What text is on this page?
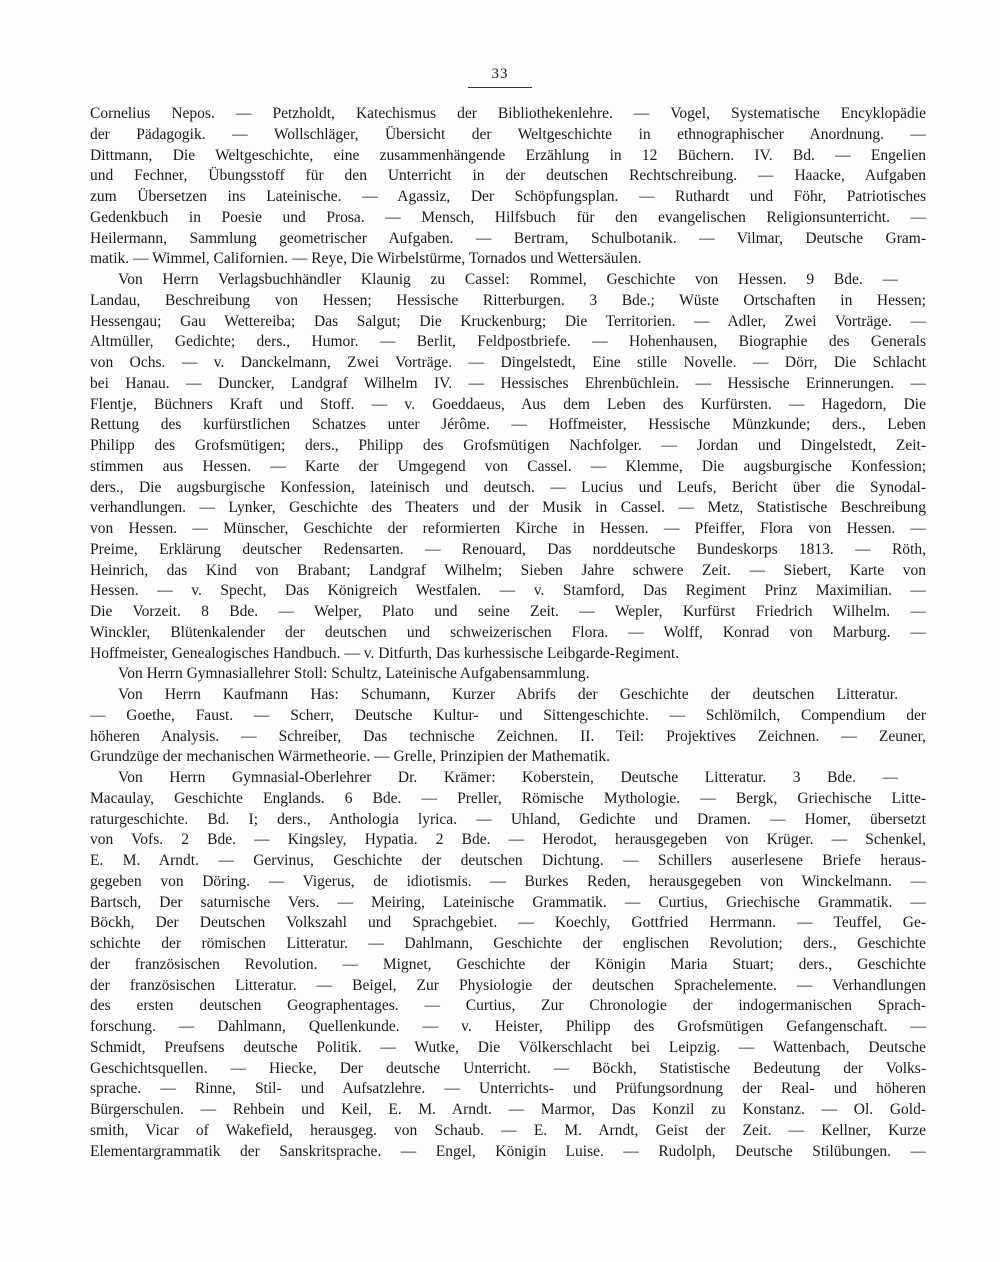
33
Cornelius Nepos. — Petzholdt, Katechismus der Bibliothekenlehre. — Vogel, Systematische Encyklopädie
der Pädagogik. — Wollschläger, Übersicht der Weltgeschichte in ethnographischer Anordnung. —
Dittmann, Die Weltgeschichte, eine zusammenhängende Erzählung in 12 Büchern. IV. Bd. — Engelien
und Fechner, Übungsstoff für den Unterricht in der deutschen Rechtschreibung. — Haacke, Aufgaben
zum Übersetzen ins Lateinische. — Agassiz, Der Schöpfungsplan. — Ruthardt und Föhr, Patriotisches
Gedenkbuch in Poesie und Prosa. — Mensch, Hilfsbuch für den evangelischen Religionsunterricht. —
Heilermann, Sammlung geometrischer Aufgaben. — Bertram, Schulbotanik. — Vilmar, Deutsche Gram-
matik. — Wimmel, Californien. — Reye, Die Wirbelstürme, Tornados und Wettersäulen.
Von Herrn Verlagsbuchhändler Klaunig zu Cassel: Rommel, Geschichte von Hessen. 9 Bde. —
Landau, Beschreibung von Hessen; Hessische Ritterburgen. 3 Bde.; Wüste Ortschaften in Hessen;
Hessengau; Gau Wettereiba; Das Salgut; Die Kruckenburg; Die Territorien. — Adler, Zwei Vorträge. —
Altmüller, Gedichte; ders., Humor. — Berlit, Feldpostbriefe. — Hohenhausen, Biographie des Generals
von Ochs. — v. Danckelmann, Zwei Vorträge. — Dingelstedt, Eine stille Novelle. — Dörr, Die Schlacht
bei Hanau. — Duncker, Landgraf Wilhelm IV. — Hessisches Ehrenbüchlein. — Hessische Erinnerungen. —
Flentje, Büchners Kraft und Stoff. — v. Goeddaeus, Aus dem Leben des Kurfürsten. — Hagedorn, Die
Rettung des kurfürstlichen Schatzes unter Jérôme. — Hoffmeister, Hessische Münzkunde; ders., Leben
Philipp des Grofsmütigen; ders., Philipp des Grofsmütigen Nachfolger. — Jordan und Dingelstedt, Zeit-
stimmen aus Hessen. — Karte der Umgegend von Cassel. — Klemme, Die augsburgische Konfession;
ders., Die augsburgische Konfession, lateinisch und deutsch. — Lucius und Leufs, Bericht über die Synodal-
verhandlungen. — Lynker, Geschichte des Theaters und der Musik in Cassel. — Metz, Statistische Beschreibung
von Hessen. — Münscher, Geschichte der reformierten Kirche in Hessen. — Pfeiffer, Flora von Hessen. —
Preime, Erklärung deutscher Redensarten. — Renouard, Das norddeutsche Bundeskorps 1813. — Röth,
Heinrich, das Kind von Brabant; Landgraf Wilhelm; Sieben Jahre schwere Zeit. — Siebert, Karte von
Hessen. — v. Specht, Das Königreich Westfalen. — v. Stamford, Das Regiment Prinz Maximilian. —
Die Vorzeit. 8 Bde. — Welper, Plato und seine Zeit. — Wepler, Kurfürst Friedrich Wilhelm. —
Winckler, Blütenkalender der deutschen und schweizerischen Flora. — Wolff, Konrad von Marburg. —
Hoffmeister, Genealogisches Handbuch. — v. Ditfurth, Das kurhessische Leibgarde-Regiment.
Von Herrn Gymnasiallehrer Stoll: Schultz, Lateinische Aufgabensammlung.
Von Herrn Kaufmann Has: Schumann, Kurzer Abrifs der Geschichte der deutschen Litteratur.
— Goethe, Faust. — Scherr, Deutsche Kultur- und Sittengeschichte. — Schlömilch, Compendium der
höheren Analysis. — Schreiber, Das technische Zeichnen. II. Teil: Projektives Zeichnen. — Zeuner,
Grundzüge der mechanischen Wärmetheorie. — Grelle, Prinzipien der Mathematik.
Von Herrn Gymnasial-Oberlehrer Dr. Krämer: Koberstein, Deutsche Litteratur. 3 Bde. —
Macaulay, Geschichte Englands. 6 Bde. — Preller, Römische Mythologie. — Bergk, Griechische Litte-
raturgeschichte. Bd. I; ders., Anthologia lyrica. — Uhland, Gedichte und Dramen. — Homer, übersetzt
von Vofs. 2 Bde. — Kingsley, Hypatia. 2 Bde. — Herodot, herausgegeben von Krüger. — Schenkel,
E. M. Arndt. — Gervinus, Geschichte der deutschen Dichtung. — Schillers auserlesene Briefe heraus-
gegeben von Döring. — Vigerus, de idiotismis. — Burkes Reden, herausgegeben von Winckelmann. —
Bartsch, Der saturnische Vers. — Meiring, Lateinische Grammatik. — Curtius, Griechische Grammatik. —
Böckh, Der Deutschen Volkszahl und Sprachgebiet. — Koechly, Gottfried Herrmann. — Teuffel, Ge-
schichte der römischen Litteratur. — Dahlmann, Geschichte der englischen Revolution; ders., Geschichte
der französischen Revolution. — Mignet, Geschichte der Königin Maria Stuart; ders., Geschichte
der französischen Litteratur. — Beigel, Zur Physiologie der deutschen Sprachelemente. — Verhandlungen
des ersten deutschen Geographentages. — Curtius, Zur Chronologie der indogermanischen Sprach-
forschung. — Dahlmann, Quellenkunde. — v. Heister, Philipp des Grofsmütigen Gefangenschaft. —
Schmidt, Preufsens deutsche Politik. — Wutke, Die Völkerschlacht bei Leipzig. — Wattenbach, Deutsche
Geschichtsquellen. — Hiecke, Der deutsche Unterricht. — Böckh, Statistische Bedeutung der Volks-
sprache. — Rinne, Stil- und Aufsatzlehre. — Unterrichts- und Prüfungsordnung der Real- und höheren
Bürgerschulen. — Rehbein und Keil, E. M. Arndt. — Marmor, Das Konzil zu Konstanz. — Ol. Gold-
smith, Vicar of Wakefield, herausgeg. von Schaub. — E. M. Arndt, Geist der Zeit. — Kellner, Kurze
Elementargrammatik der Sanskritsprache. — Engel, Königin Luise. — Rudolph, Deutsche Stilübungen. —
